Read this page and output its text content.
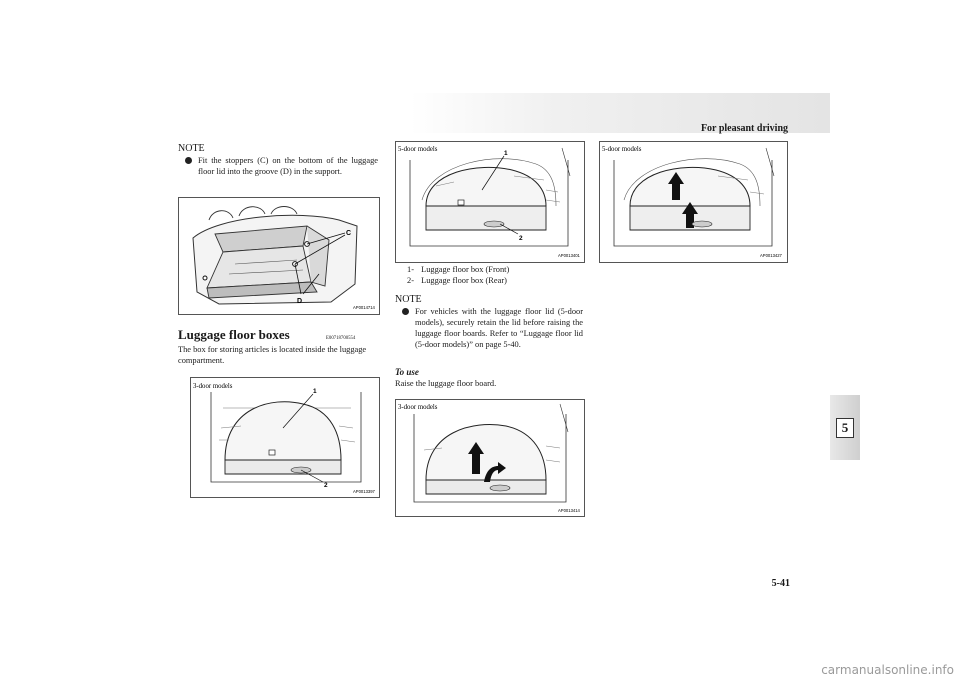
For pleasant driving
5
NOTE
Fit the stoppers (C) on the bottom of the luggage floor lid into the groove (D) in the support.
C
D
AP0014714
Luggage floor boxes	E00718700554
The box for storing articles is located inside the luggage compartment.
3-door models
1
2
AP0013397
5-door models
1
2
AP0013401
1- Luggage floor box (Front)
2- Luggage floor box (Rear)
NOTE
For vehicles with the luggage floor lid (5-door models), securely retain the lid before raising the luggage floor boards. Refer to “Luggage floor lid (5-door models)” on page 5-40.
To use
Raise the luggage floor board.
3-door models
AP0013414
5-door models
AP0013427
5-41
carmanualsonline.info
